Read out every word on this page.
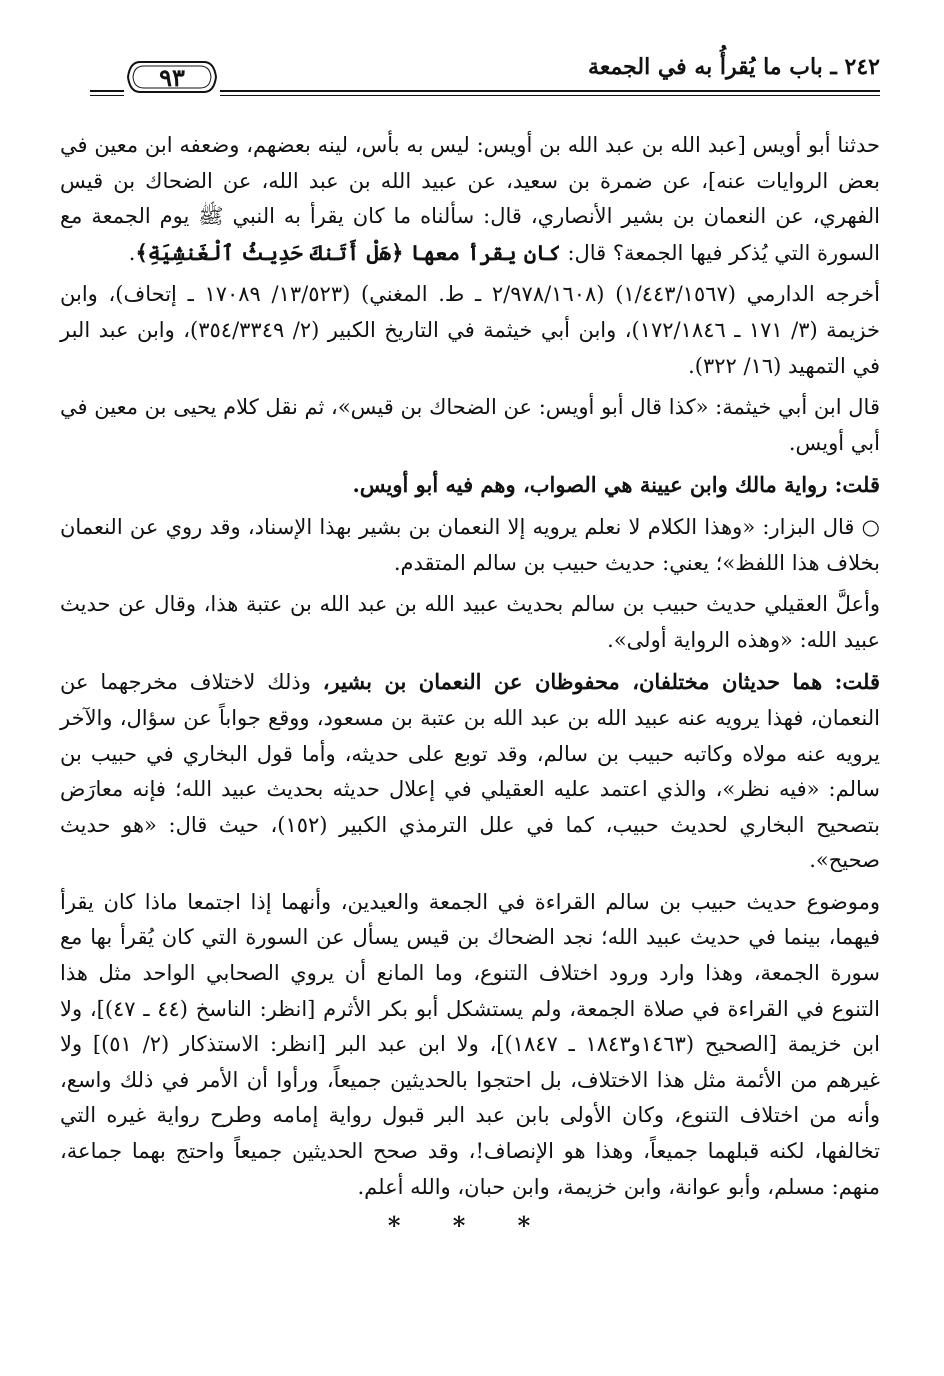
٢٤٢ ـ باب ما يُقرأُ به في الجمعة
٩٣

حدثنا أبو أويس [عبد الله بن عبد الله بن أويس: ليس به بأس، لينه بعضهم، وضعفه ابن معين في بعض الروايات عنه]، عن ضمرة بن سعيد، عن عبيد الله بن عبد الله، عن الضحاك بن قيس الفهري، عن النعمان بن بشير الأنصاري، قال: سألناه ما كان يقرأ به النبي ﷺ يوم الجمعة مع السورة التي يُذكر فيها الجمعة؟ قال: كان يقرأ معها ﴿هَلْ أَتَنكَ حَدِيثُ ٱلْغَنشِيَةِ﴾.

أخرجه الدارمي (١/٤٤٣/١٥٦٧) (٢/٩٧٨/١٦٠٨ ـ ط. المغني) (١٣/٥٢٣/ ١٧٠٨٩ ـ إتحاف)، وابن خزيمة (٣/ ١٧١ ـ ١٧٢/١٨٤٦)، وابن أبي خيثمة في التاريخ الكبير (٢/ ٣٥٤/٣٣٤٩)، وابن عبد البر في التمهيد (١٦/ ٣٢٢).

قال ابن أبي خيثمة: «كذا قال أبو أويس: عن الضحاك بن قيس»، ثم نقل كلام يحيى بن معين في أبي أويس.

قلت: رواية مالك وابن عيينة هي الصواب، وهم فيه أبو أويس.

○ قال البزار: «وهذا الكلام لا نعلم يرويه إلا النعمان بن بشير بهذا الإسناد، وقد روي عن النعمان بخلاف هذا اللفظ»؛ يعني: حديث حبيب بن سالم المتقدم.

وأعلَّ العقيلي حديث حبيب بن سالم بحديث عبيد الله بن عبد الله بن عتبة هذا، وقال عن حديث عبيد الله: «وهذه الرواية أولى».

قلت: هما حديثان مختلفان، محفوظان عن النعمان بن بشير، وذلك لاختلاف مخرجهما عن النعمان، فهذا يرويه عنه عبيد الله بن عبد الله بن عتبة بن مسعود، ووقع جواباً عن سؤال، والآخر يرويه عنه مولاه وكاتبه حبيب بن سالم، وقد توبع على حديثه، وأما قول البخاري في حبيب بن سالم: «فيه نظر»، والذي اعتمد عليه العقيلي في إعلال حديثه بحديث عبيد الله؛ فإنه معارَض بتصحيح البخاري لحديث حبيب، كما في علل الترمذي الكبير (١٥٢)، حيث قال: «هو حديث صحيح».

وموضوع حديث حبيب بن سالم القراءة في الجمعة والعيدين، وأنهما إذا اجتمعا ماذا كان يقرأ فيهما، بينما في حديث عبيد الله؛ نجد الضحاك بن قيس يسأل عن السورة التي كان يُقرأ بها مع سورة الجمعة، وهذا وارد ورود اختلاف التنوع، وما المانع أن يروي الصحابي الواحد مثل هذا التنوع في القراءة في صلاة الجمعة، ولم يستشكل أبو بكر الأثرم [انظر: الناسخ (٤٤ ـ ٤٧)]، ولا ابن خزيمة [الصحيح (١٤٦٣و١٨٤٣ ـ ١٨٤٧)]، ولا ابن عبد البر [انظر: الاستذكار (٢/ ٥١)] ولا غيرهم من الأئمة مثل هذا الاختلاف، بل احتجوا بالحديثين جميعاً، ورأوا أن الأمر في ذلك واسع، وأنه من اختلاف التنوع، وكان الأولى بابن عبد البر قبول رواية إمامه وطرح رواية غيره التي تخالفها، لكنه قبلهما جميعاً، وهذا هو الإنصاف!، وقد صحح الحديثين جميعاً واحتج بهما جماعة، منهم: مسلم، وأبو عوانة، وابن خزيمة، وابن حبان، والله أعلم.

* * *
